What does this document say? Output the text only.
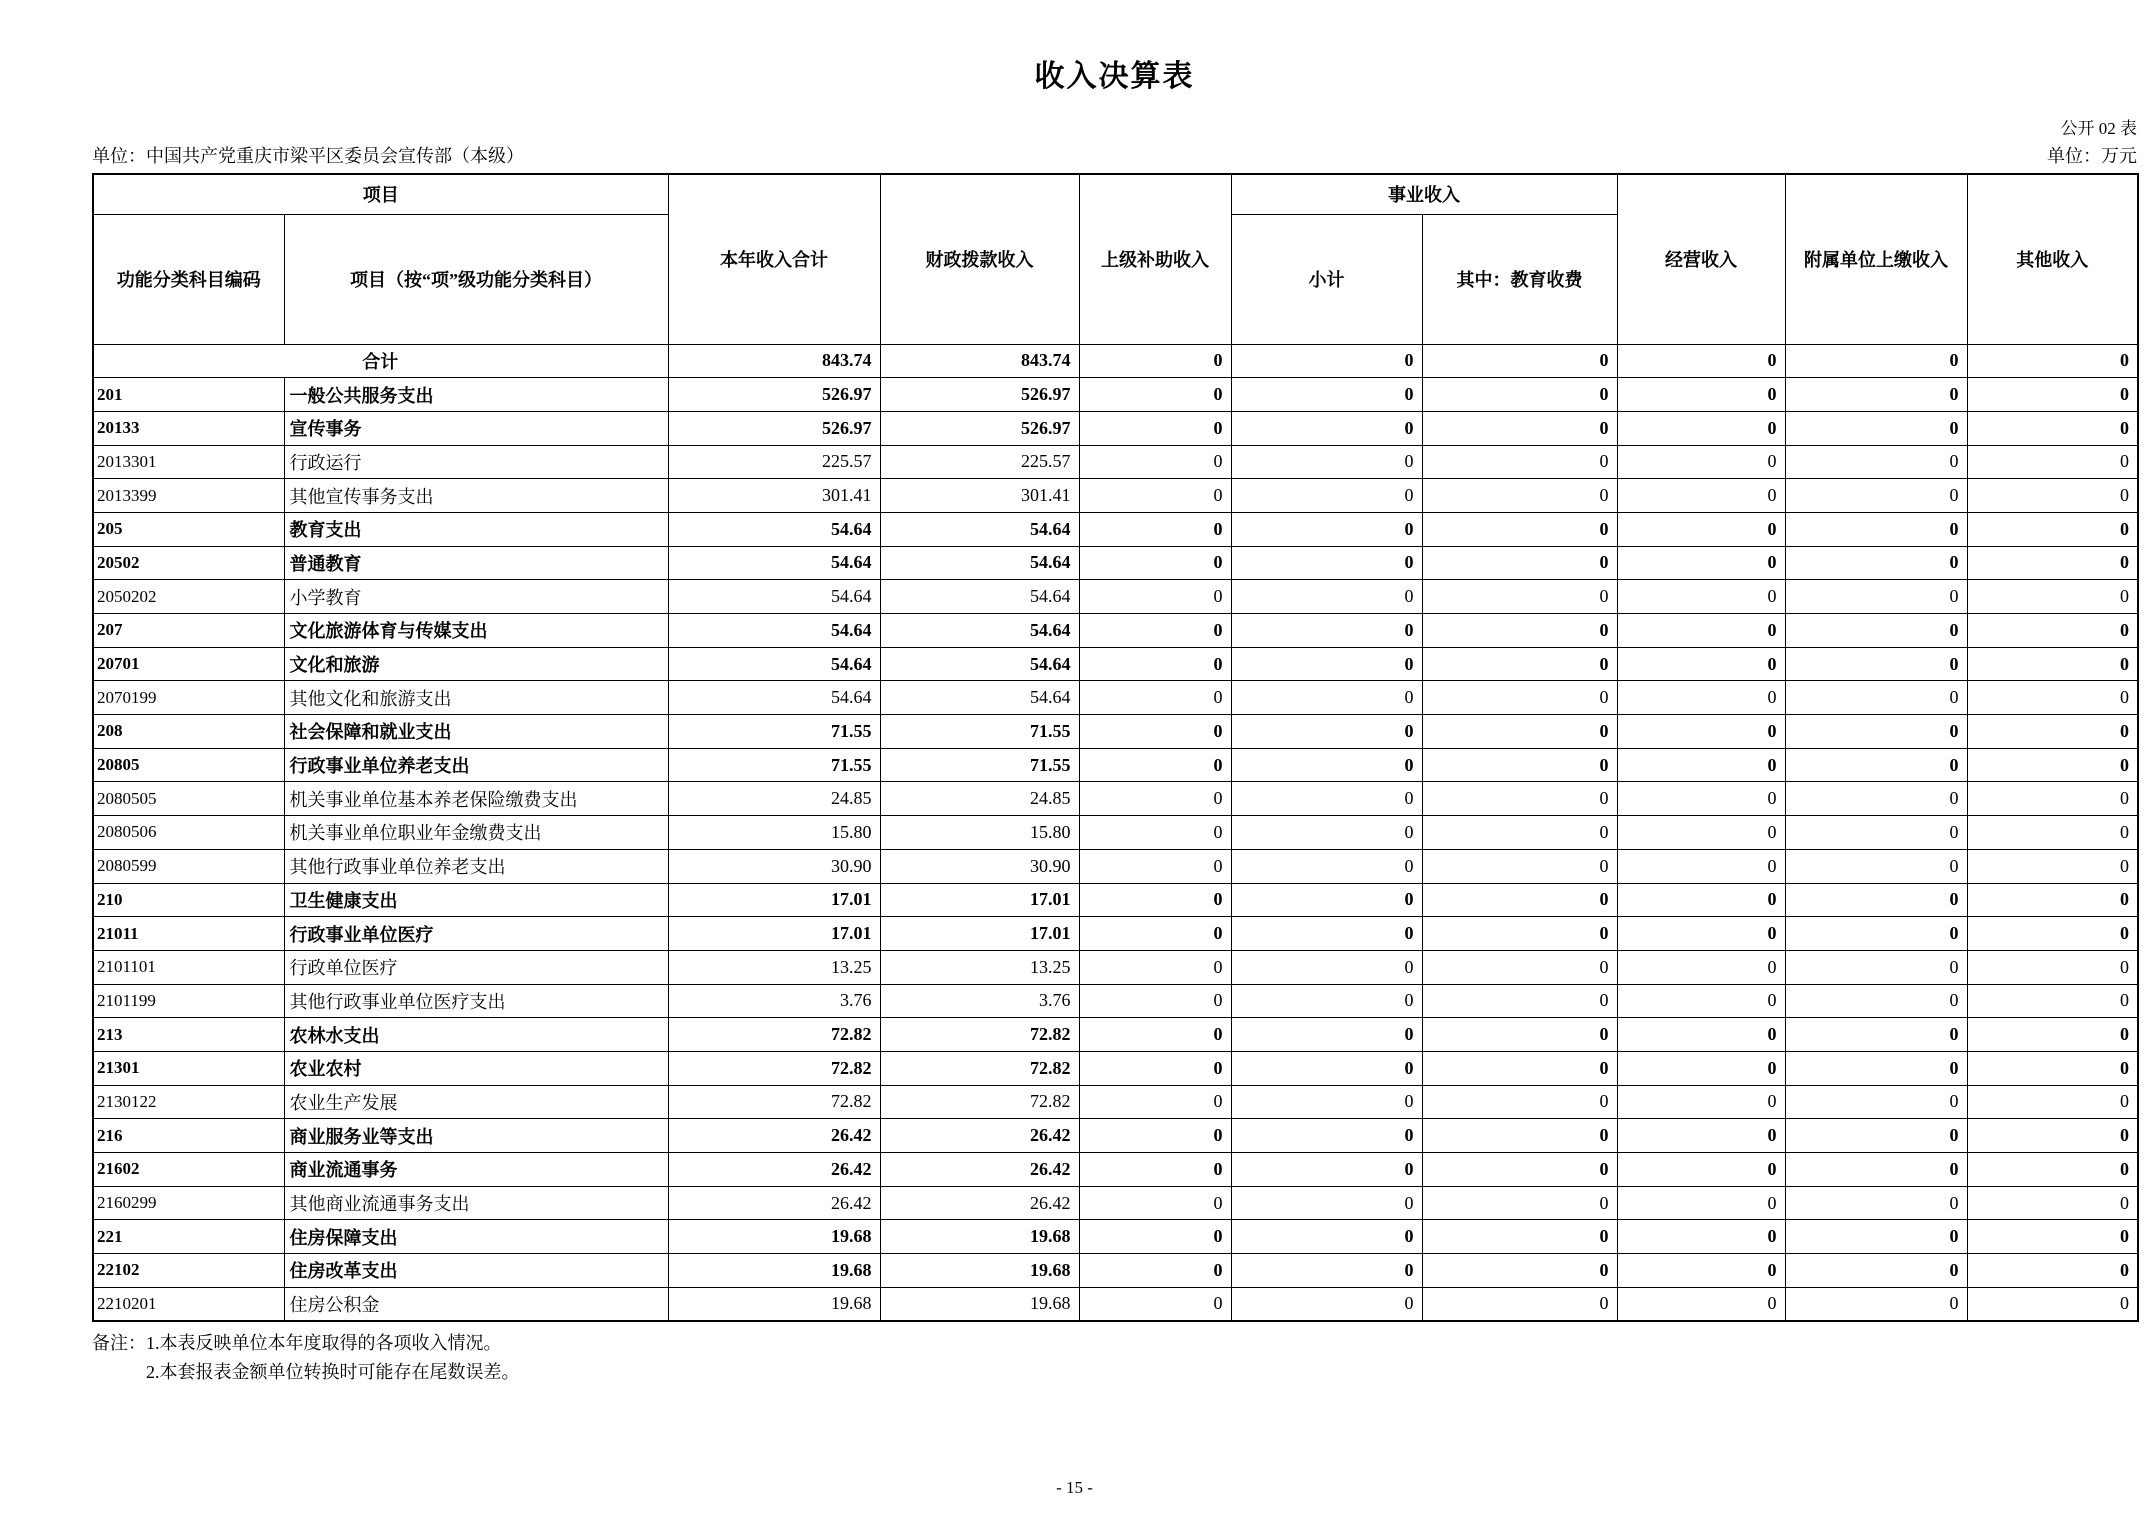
收入决算表
公开 02 表
单位：中国共产党重庆市梁平区委员会宣传部（本级）	单位：万元
项目		本年收入合计	财政拨款收入	上级补助收入	事业收入		经营收入	附属单位上缴收入	其他收入
功能分类科目编码	项目（按“项”级功能分类科目）				小计	其中：教育收费			
合计		843.74	843.74	0	0	0	0	0	0
201	一般公共服务支出	526.97	526.97	0	0	0	0	0	0
20133	宣传事务	526.97	526.97	0	0	0	0	0	0
2013301	行政运行	225.57	225.57	0	0	0	0	0	0
2013399	其他宣传事务支出	301.41	301.41	0	0	0	0	0	0
205	教育支出	54.64	54.64	0	0	0	0	0	0
20502	普通教育	54.64	54.64	0	0	0	0	0	0
2050202	小学教育	54.64	54.64	0	0	0	0	0	0
207	文化旅游体育与传媒支出	54.64	54.64	0	0	0	0	0	0
20701	文化和旅游	54.64	54.64	0	0	0	0	0	0
2070199	其他文化和旅游支出	54.64	54.64	0	0	0	0	0	0
208	社会保障和就业支出	71.55	71.55	0	0	0	0	0	0
20805	行政事业单位养老支出	71.55	71.55	0	0	0	0	0	0
2080505	机关事业单位基本养老保险缴费支出	24.85	24.85	0	0	0	0	0	0
2080506	机关事业单位职业年金缴费支出	15.80	15.80	0	0	0	0	0	0
2080599	其他行政事业单位养老支出	30.90	30.90	0	0	0	0	0	0
210	卫生健康支出	17.01	17.01	0	0	0	0	0	0
21011	行政事业单位医疗	17.01	17.01	0	0	0	0	0	0
2101101	行政单位医疗	13.25	13.25	0	0	0	0	0	0
2101199	其他行政事业单位医疗支出	3.76	3.76	0	0	0	0	0	0
213	农林水支出	72.82	72.82	0	0	0	0	0	0
21301	农业农村	72.82	72.82	0	0	0	0	0	0
2130122	农业生产发展	72.82	72.82	0	0	0	0	0	0
216	商业服务业等支出	26.42	26.42	0	0	0	0	0	0
21602	商业流通事务	26.42	26.42	0	0	0	0	0	0
2160299	其他商业流通事务支出	26.42	26.42	0	0	0	0	0	0
221	住房保障支出	19.68	19.68	0	0	0	0	0	0
22102	住房改革支出	19.68	19.68	0	0	0	0	0	0
2210201	住房公积金	19.68	19.68	0	0	0	0	0	0
备注：1.本表反映单位本年度取得的各项收入情况。
2.本套报表金额单位转换时可能存在尾数误差。
- 15 -
